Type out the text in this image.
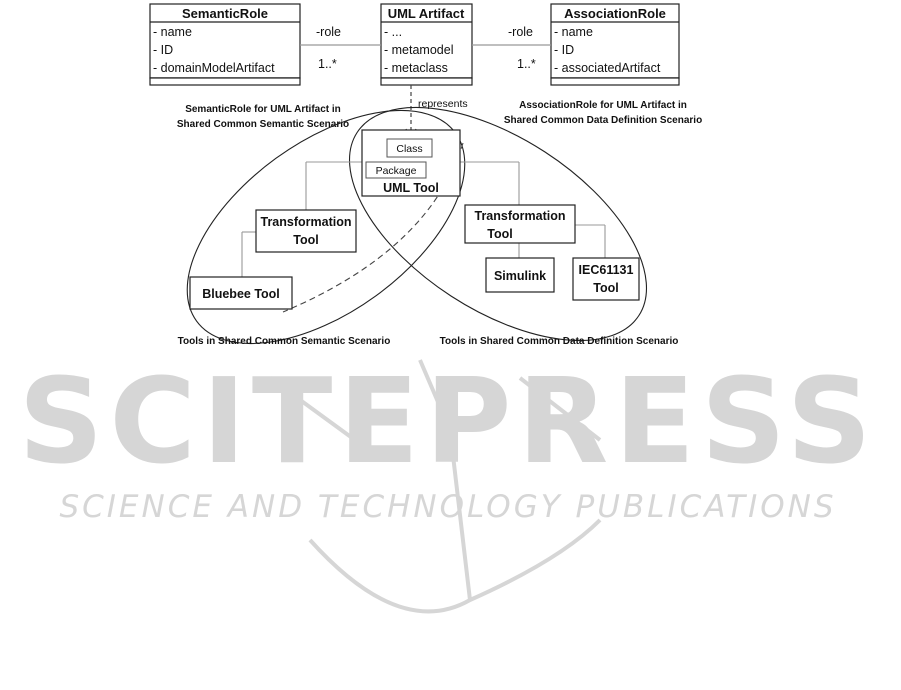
SCITEPRESS
SCIENCE AND TECHNOLOGY PUBLICATIONS
SemanticRole
- name
- ID
- domainModelArtifact
UML Artifact
- ...
- metamodel
- metaclass
AssociationRole
- name
- ID
- associatedArtifact
-role
1..*
-role
1..*
represents
SemanticRole for UML Artifact in
Shared Common Semantic Scenario
AssociationRole for UML Artifact in
Shared Common Data Definition Scenario
Class
Package
UML Tool
Transformation
Tool
Transformation
Tool
Bluebee Tool
Simulink	IEC61131
Tool
Tools in Shared Common Semantic Scenario	Tools in Shared Common Data Definition Scenario
